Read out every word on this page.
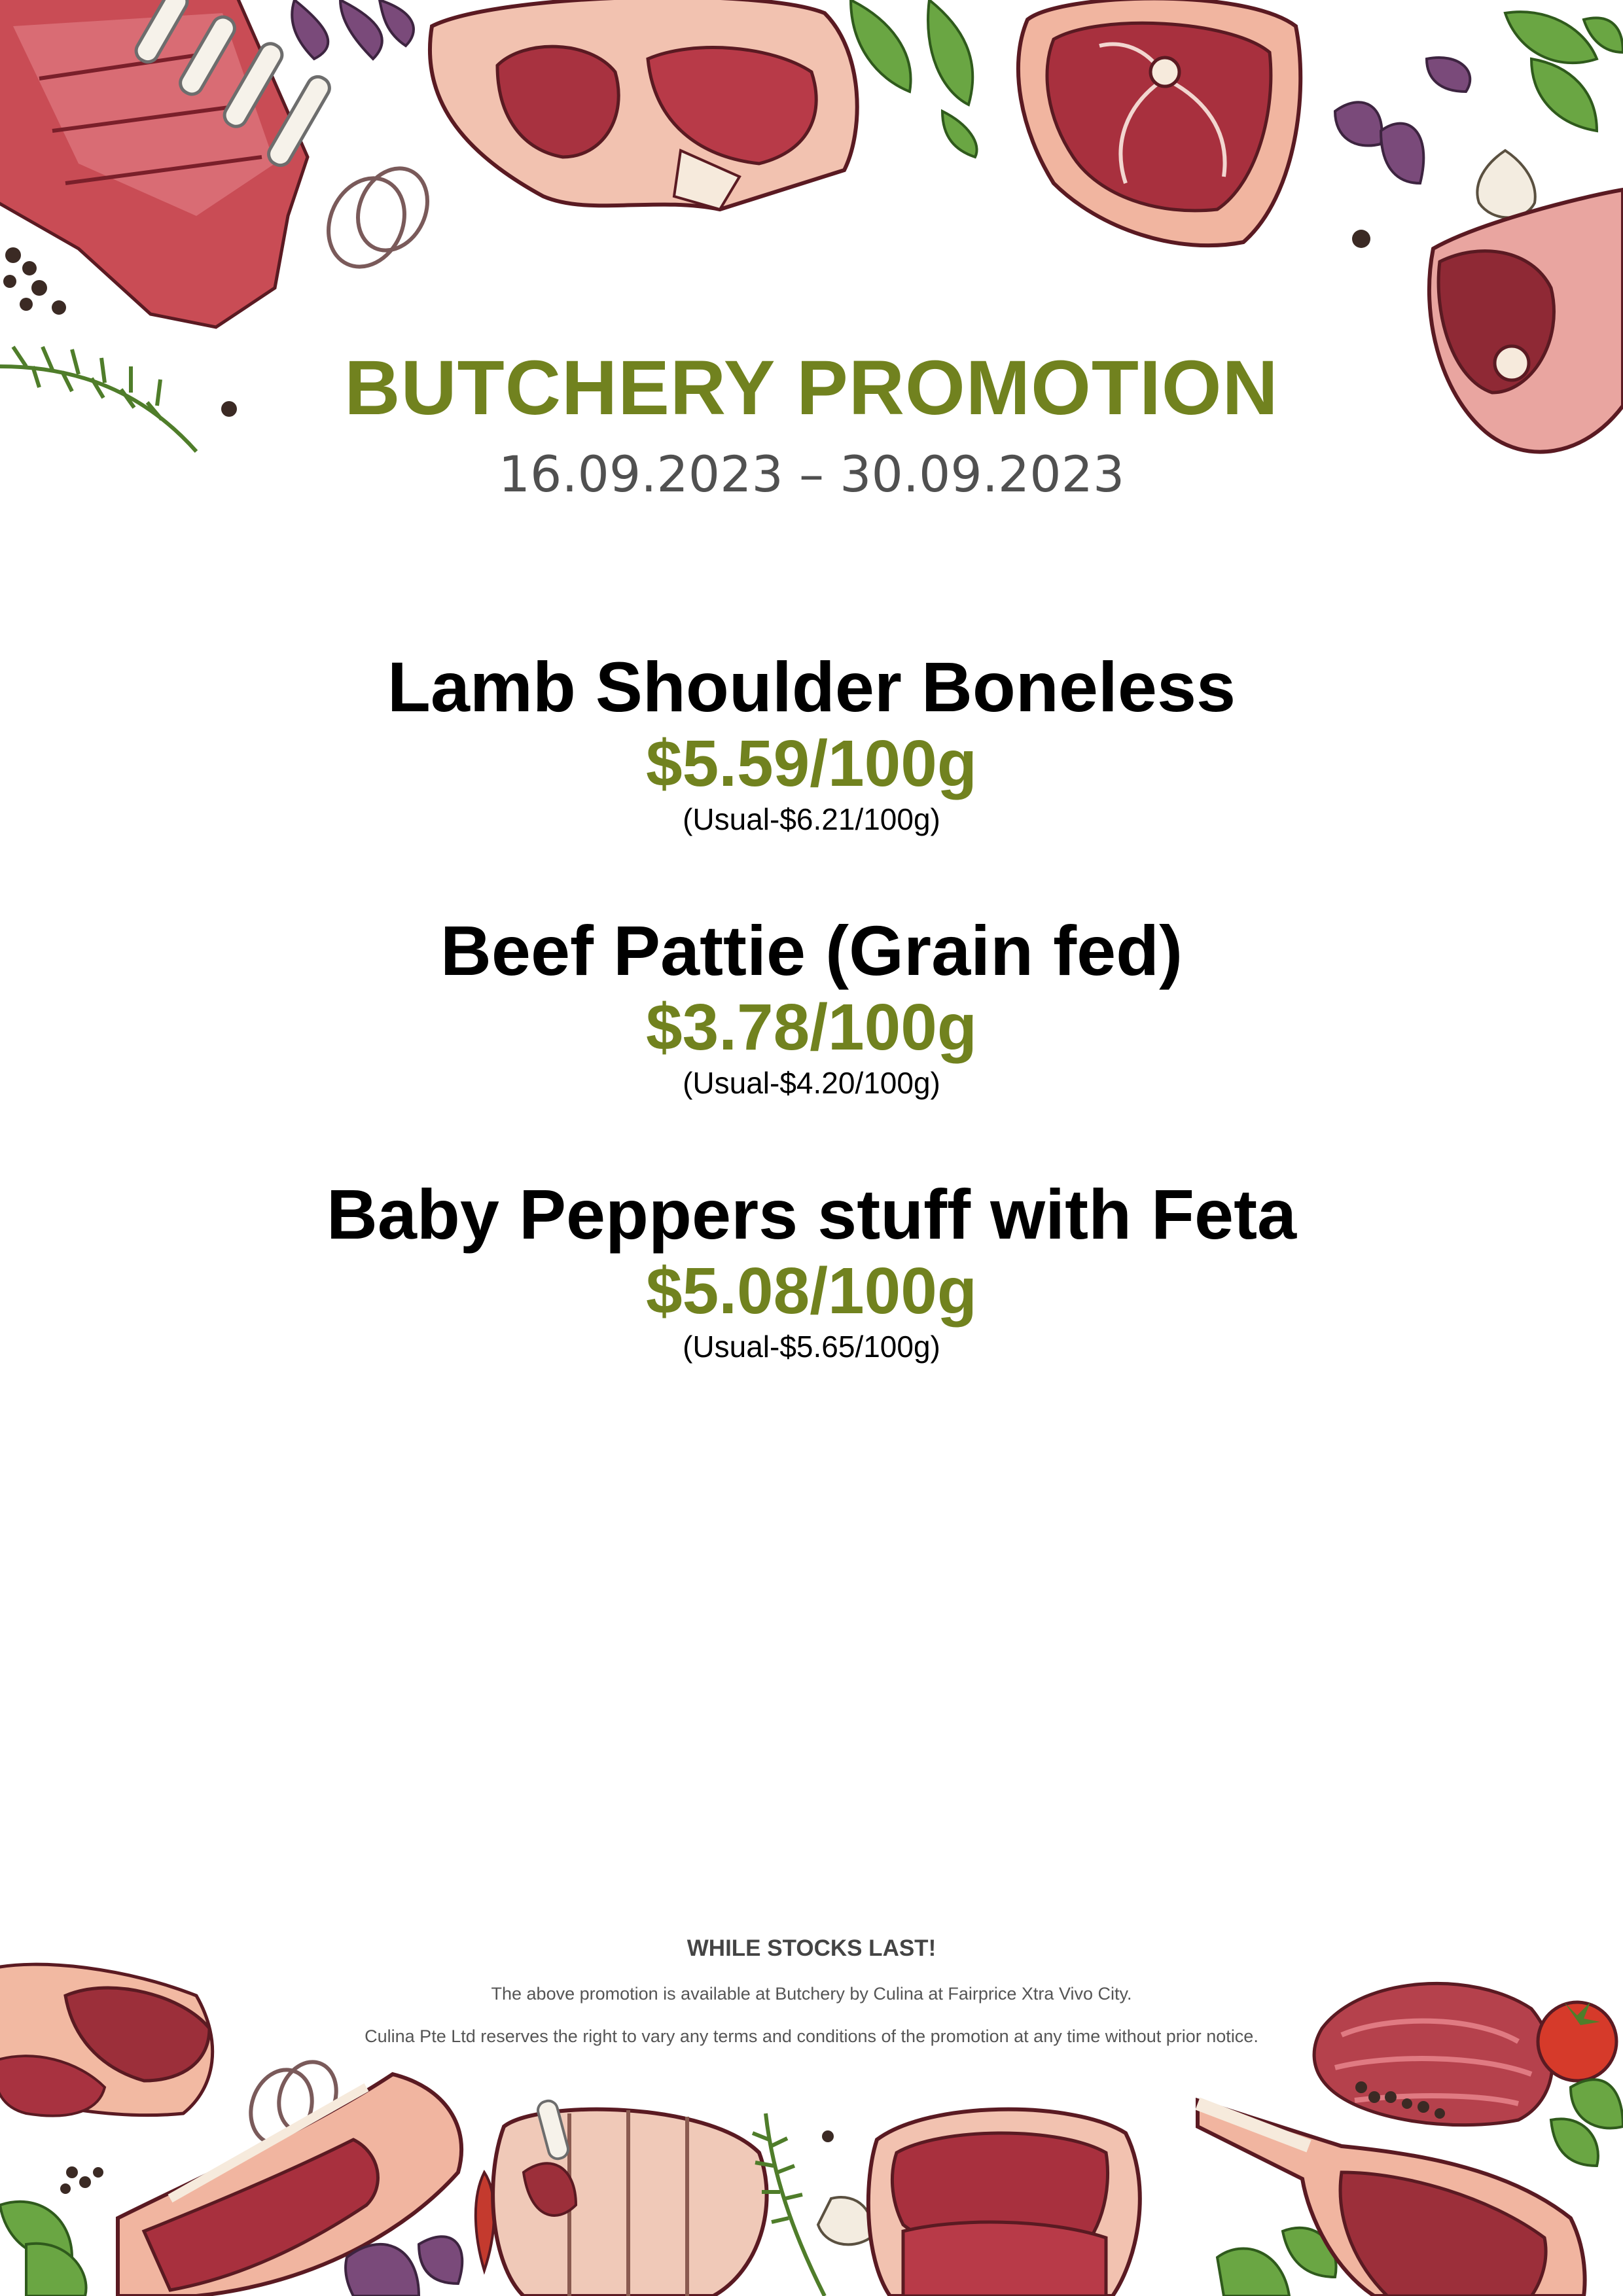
BUTCHERY PROMOTION
16.09.2023 – 30.09.2023
Lamb Shoulder Boneless
$5.59/100g
(Usual-$6.21/100g)
Beef Pattie (Grain fed)
$3.78/100g
(Usual-$4.20/100g)
Baby Peppers stuff with Feta
$5.08/100g
(Usual-$5.65/100g)
WHILE STOCKS LAST!
The above promotion is available at Butchery by Culina at Fairprice Xtra Vivo City.
Culina Pte Ltd reserves the right to vary any terms and conditions of the promotion at any time without prior notice.
